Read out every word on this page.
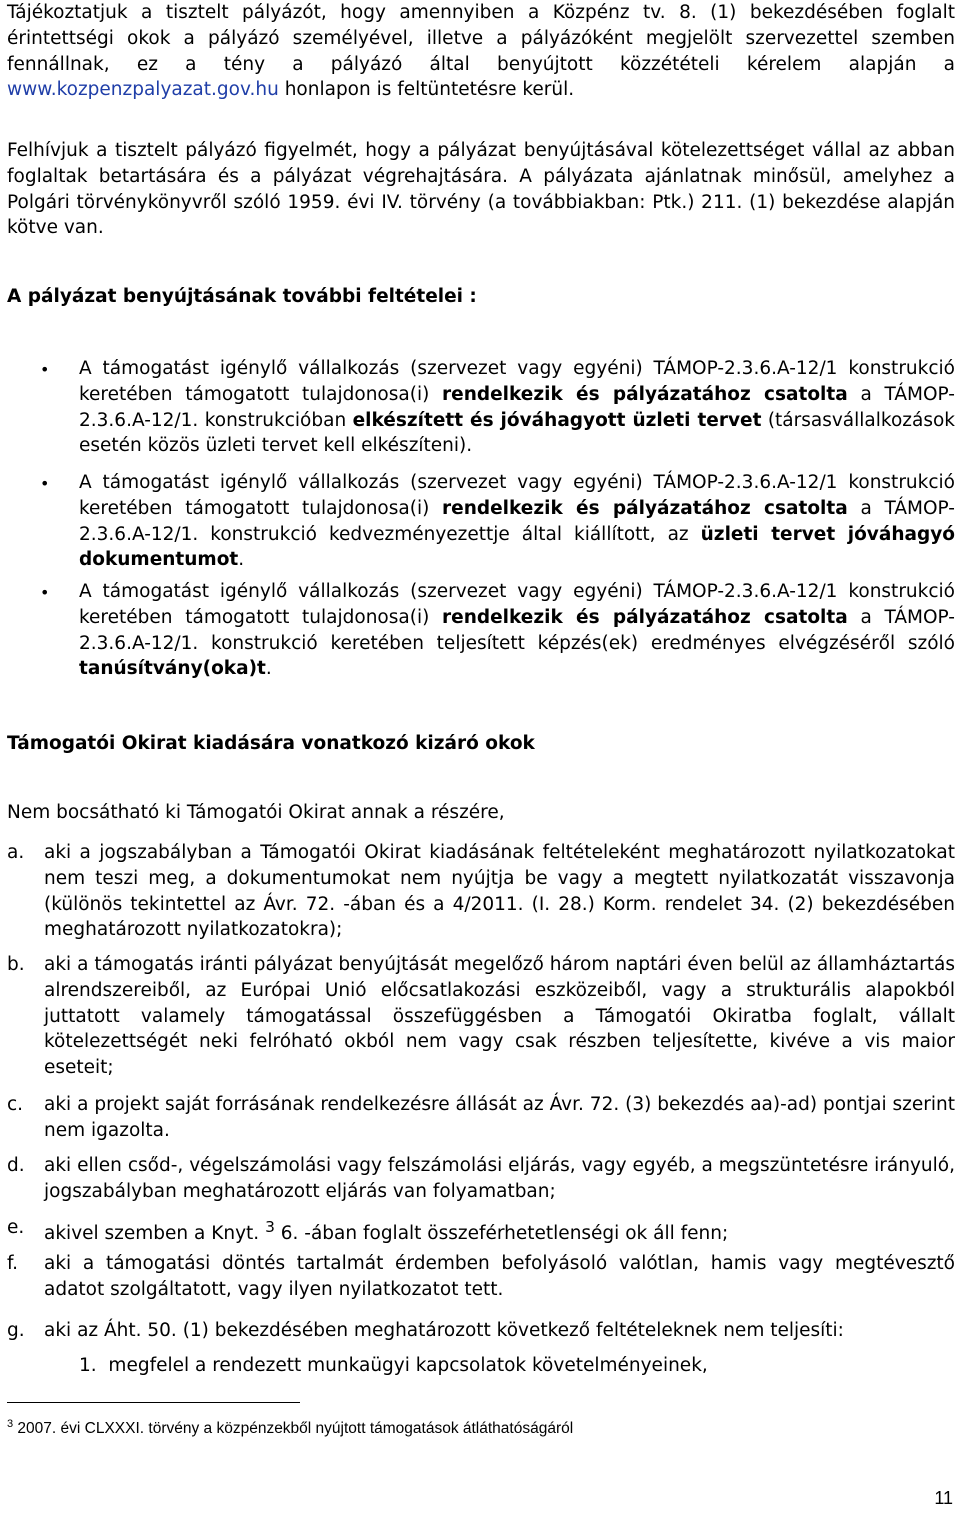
Tájékoztatjuk a tisztelt pályázót, hogy amennyiben a Közpénz tv. 8. (1) bekezdésében foglalt érintettségi okok a pályázó személyével, illetve a pályázóként megjelölt szervezettel szemben fennállnak, ez a tény a pályázó által benyújtott közzétételi kérelem alapján a www.kozpenzpalyazat.gov.hu honlapon is feltüntetésre kerül.

Felhívjuk a tisztelt pályázó figyelmét, hogy a pályázat benyújtásával kötelezettséget vállal az abban foglaltak betartására és a pályázat végrehajtására. A pályázata ajánlatnak minősül, amelyhez a Polgári törvénykönyvről szóló 1959. évi IV. törvény (a továbbiakban: Ptk.) 211. (1) bekezdése alapján kötve van.

A pályázat benyújtásának további feltételei :

• A támogatást igénylő vállalkozás (szervezet vagy egyéni) TÁMOP-2.3.6.A-12/1 konstrukció keretében támogatott tulajdonosa(i) rendelkezik és pályázatához csatolta a TÁMOP-2.3.6.A-12/1. konstrukcióban elkészített és jóváhagyott üzleti tervet (társasvállalkozások esetén közös üzleti tervet kell elkészíteni).

• A támogatást igénylő vállalkozás (szervezet vagy egyéni) TÁMOP-2.3.6.A-12/1 konstrukció keretében támogatott tulajdonosa(i) rendelkezik és pályázatához csatolta a TÁMOP-2.3.6.A-12/1. konstrukció kedvezményezettje által kiállított, az üzleti tervet jóváhagyó dokumentumot.

• A támogatást igénylő vállalkozás (szervezet vagy egyéni) TÁMOP-2.3.6.A-12/1 konstrukció keretében támogatott tulajdonosa(i) rendelkezik és pályázatához csatolta a TÁMOP-2.3.6.A-12/1. konstrukció keretében teljesített képzés(ek) eredményes elvégzéséről szóló tanúsítvány(oka)t.

Támogatói Okirat kiadására vonatkozó kizáró okok

Nem bocsátható ki Támogatói Okirat annak a részére,

a. aki a jogszabályban a Támogatói Okirat kiadásának feltételeként meghatározott nyilatkozatokat nem teszi meg, a dokumentumokat nem nyújtja be vagy a megtett nyilatkozatát visszavonja (különös tekintettel az Ávr. 72. -ában és a 4/2011. (I. 28.) Korm. rendelet 34. (2) bekezdésében meghatározott nyilatkozatokra);

b. aki a támogatás iránti pályázat benyújtását megelőző három naptári éven belül az államháztartás alrendszereiből, az Európai Unió előcsatlakozási eszközeiből, vagy a strukturális alapokból juttatott valamely támogatással összefüggésben a Támogatói Okiratba foglalt, vállalt kötelezettségét neki felróható okból nem vagy csak részben teljesítette, kivéve a vis maior eseteit;

c. aki a projekt saját forrásának rendelkezésre állását az Ávr. 72. (3) bekezdés aa)-ad) pontjai szerint nem igazolta.

d. aki ellen csőd-, végelszámolási vagy felszámolási eljárás, vagy egyéb, a megszüntetésre irányuló, jogszabályban meghatározott eljárás van folyamatban;

e. akivel szemben a Knyt. $^3$ 6. -ában foglalt összeférhetetlenségi ok áll fenn;

f. aki a támogatási döntés tartalmát érdemben befolyásoló valótlan, hamis vagy megtévesztő adatot szolgáltatott, vagy ilyen nyilatkozatot tett.

g. aki az Áht. 50. (1) bekezdésében meghatározott következő feltételeknek nem teljesíti:

1. megfelel a rendezett munkaügyi kapcsolatok követelményeinek,

$^3$ 2007. évi CLXXXI. törvény a közpénzekből nyújtott támogatások átláthatóságáról
11
